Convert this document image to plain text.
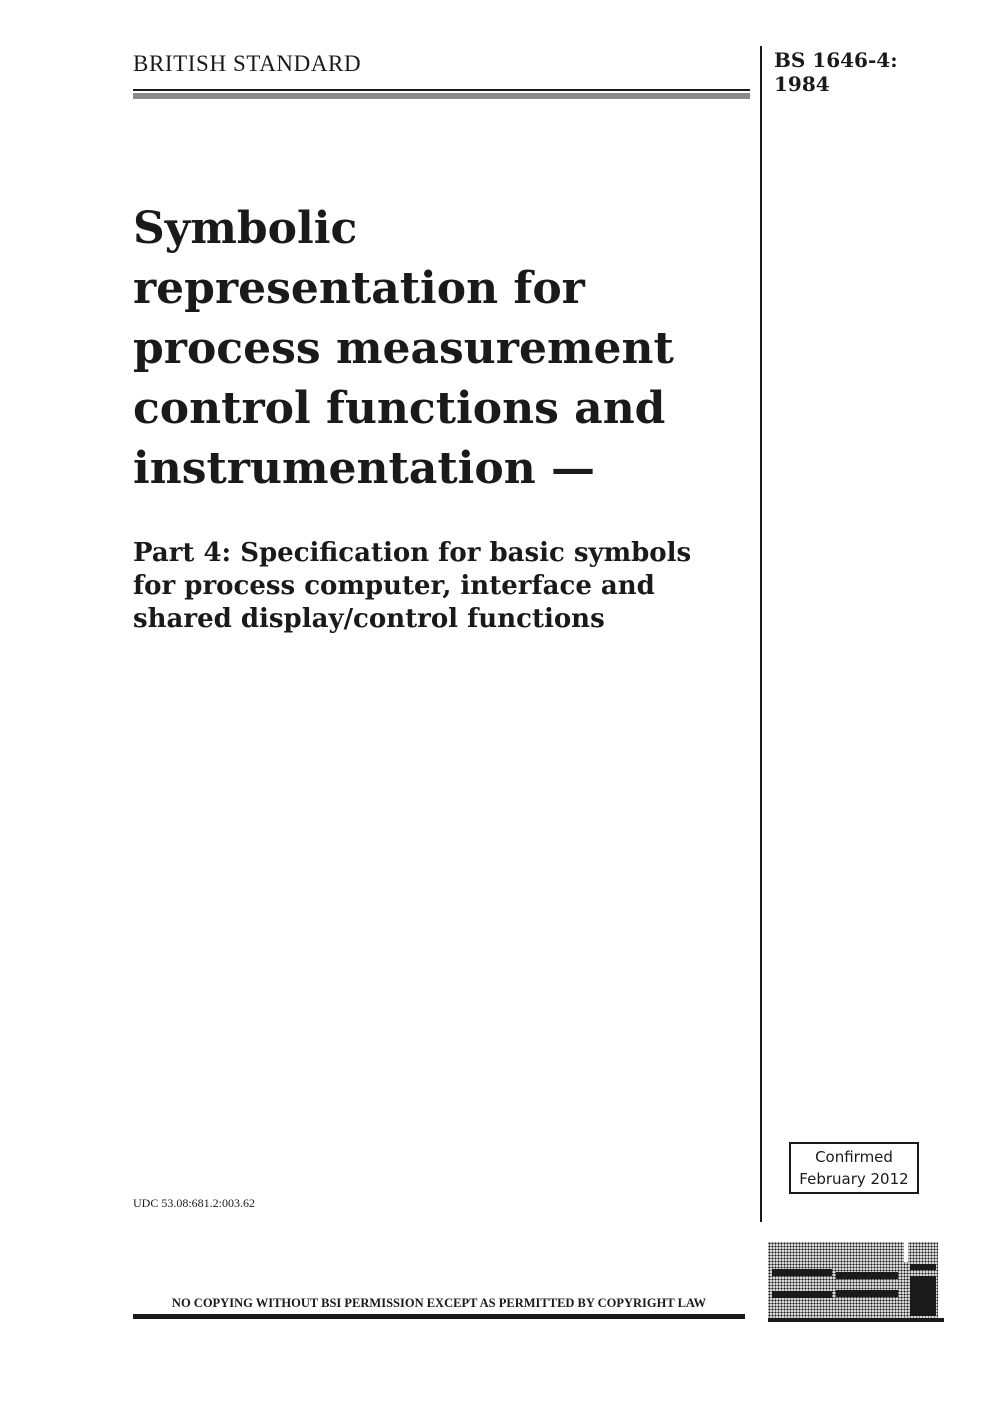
BRITISH STANDARD	BS 1646-4:
1984
Symbolic
representation for
process measurement
control functions and
instrumentation —
Part 4: Specification for basic symbols
for process computer, interface and
shared display/control functions
Confirmed
February 2012
UDC 53.08:681.2:003.62
NO COPYING WITHOUT BSI PERMISSION EXCEPT AS PERMITTED BY COPYRIGHT LAW
